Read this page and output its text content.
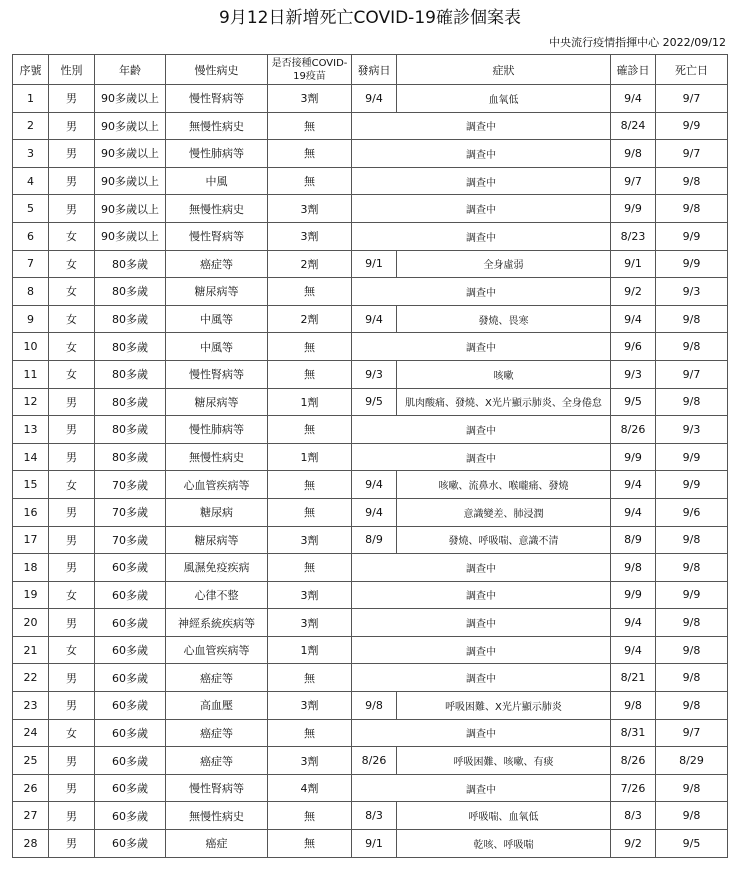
9月12日新增死亡COVID-19確診個案表
中央流行疫情指揮中心 2022/09/12
序號	性別	年齡	慢性病史	是否接種COVID-19疫苗	發病日	症狀	確診日	死亡日
1	男	90多歲以上	慢性腎病等	3劑	9/4	血氧低	9/4	9/7
2	男	90多歲以上	無慢性病史	無	調查中		8/24	9/9
3	男	90多歲以上	慢性肺病等	無	調查中		9/8	9/7
4	男	90多歲以上	中風	無	調查中		9/7	9/8
5	男	90多歲以上	無慢性病史	3劑	調查中		9/9	9/8
6	女	90多歲以上	慢性腎病等	3劑	調查中		8/23	9/9
7	女	80多歲	癌症等	2劑	9/1	全身虛弱	9/1	9/9
8	女	80多歲	糖尿病等	無	調查中		9/2	9/3
9	女	80多歲	中風等	2劑	9/4	發燒、畏寒	9/4	9/8
10	女	80多歲	中風等	無	調查中		9/6	9/8
11	女	80多歲	慢性腎病等	無	9/3	咳嗽	9/3	9/7
12	男	80多歲	糖尿病等	1劑	9/5	肌肉酸痛、發燒、X光片顯示肺炎、全身倦怠	9/5	9/8
13	男	80多歲	慢性肺病等	無	調查中		8/26	9/3
14	男	80多歲	無慢性病史	1劑	調查中		9/9	9/9
15	女	70多歲	心血管疾病等	無	9/4	咳嗽、流鼻水、喉嚨痛、發燒	9/4	9/9
16	男	70多歲	糖尿病	無	9/4	意識變差、肺浸潤	9/4	9/6
17	男	70多歲	糖尿病等	3劑	8/9	發燒、呼吸喘、意識不清	8/9	9/8
18	男	60多歲	風濕免疫疾病	無	調查中		9/8	9/8
19	女	60多歲	心律不整	3劑	調查中		9/9	9/9
20	男	60多歲	神經系統疾病等	3劑	調查中		9/4	9/8
21	女	60多歲	心血管疾病等	1劑	調查中		9/4	9/8
22	男	60多歲	癌症等	無	調查中		8/21	9/8
23	男	60多歲	高血壓	3劑	9/8	呼吸困難、X光片顯示肺炎	9/8	9/8
24	女	60多歲	癌症等	無	調查中		8/31	9/7
25	男	60多歲	癌症等	3劑	8/26	呼吸困難、咳嗽、有痰	8/26	8/29
26	男	60多歲	慢性腎病等	4劑	調查中		7/26	9/8
27	男	60多歲	無慢性病史	無	8/3	呼吸喘、血氧低	8/3	9/8
28	男	60多歲	癌症	無	9/1	乾咳、呼吸喘	9/2	9/5
